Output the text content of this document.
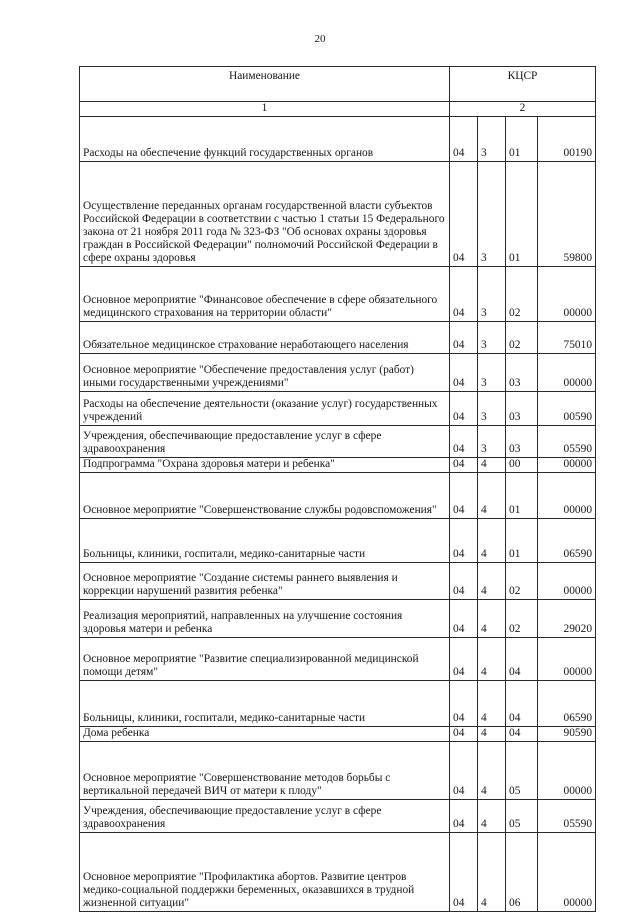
20
Наименование	КЦСР			
1	2			
Расходы на обеспечение функций государственных органов	04	3	01	00190
Осуществление переданных органам государственной власти субъектов Российской Федерации в соответствии с частью 1 статьи 15 Федерального закона от 21 ноября 2011 года № 323-ФЗ "Об основах охраны здоровья граждан в Российской Федерации" полномочий Российской Федерации в сфере охраны здоровья	04	3	01	59800
Основное мероприятие "Финансовое обеспечение в сфере обязательного медицинского страхования на территории области"	04	3	02	00000
Обязательное медицинское страхование неработающего населения	04	3	02	75010
Основное мероприятие "Обеспечение предоставления услуг (работ) иными государственными учреждениями"	04	3	03	00000
Расходы на обеспечение деятельности (оказание услуг) государственных учреждений	04	3	03	00590
Учреждения, обеспечивающие предоставление услуг в сфере здравоохранения	04	3	03	05590
Подпрограмма "Охрана здоровья матери и ребенка"	04	4	00	00000
Основное мероприятие "Совершенствование службы родовспоможения"	04	4	01	00000
Больницы, клиники, госпитали, медико-санитарные части	04	4	01	06590
Основное мероприятие "Создание системы раннего выявления и коррекции нарушений развития ребенка"	04	4	02	00000
Реализация мероприятий, направленных на улучшение состояния здоровья матери и ребенка	04	4	02	29020
Основное мероприятие "Развитие специализированной медицинской помощи детям"	04	4	04	00000
Больницы, клиники, госпитали, медико-санитарные части	04	4	04	06590
Дома ребенка	04	4	04	90590
Основное мероприятие "Совершенствование методов борьбы с вертикальной передачей ВИЧ от матери к плоду"	04	4	05	00000
Учреждения, обеспечивающие предоставление услуг в сфере здравоохранения	04	4	05	05590
Основное мероприятие "Профилактика абортов. Развитие центров медико-социальной поддержки беременных, оказавшихся в трудной жизненной ситуации"	04	4	06	00000
